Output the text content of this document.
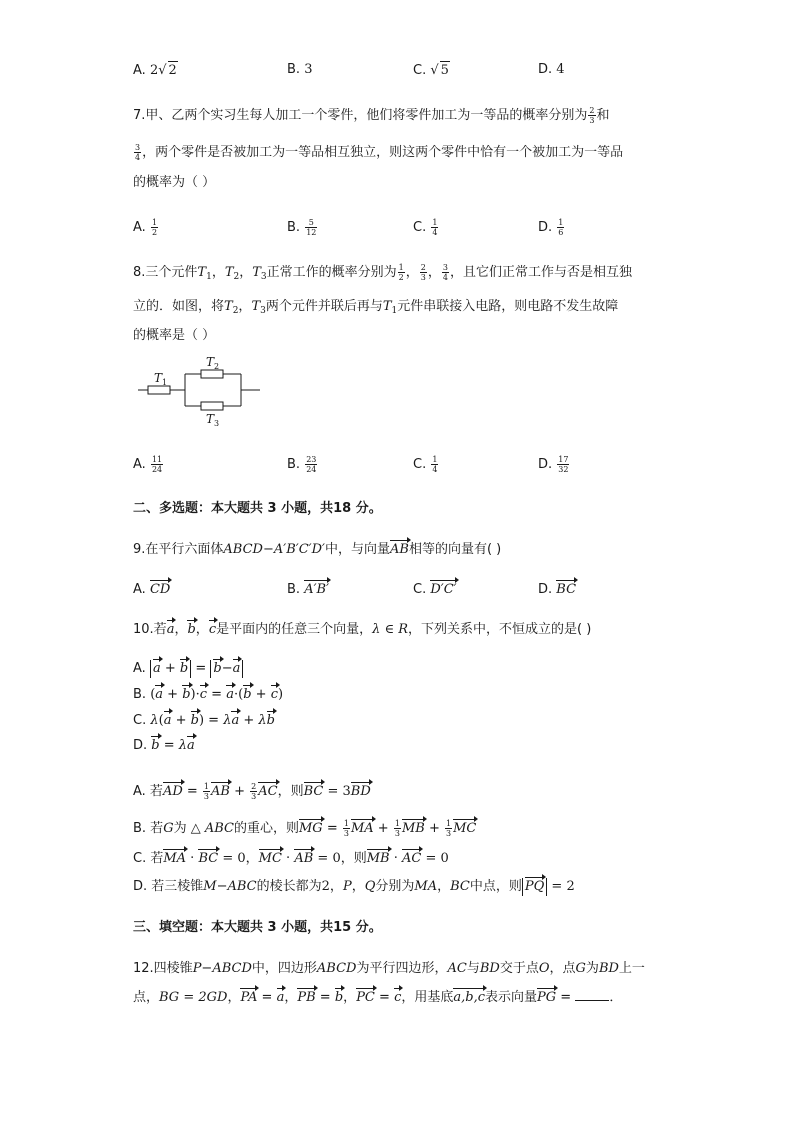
A. 2√ 2	B. 3	C. √ 5	D. 4
7.甲、乙两个实习生每人加工一个零件，他们将零件加工为一等品的概率分别为 $\frac{2}{3}$ 和
$\frac{3}{4}$ ，两个零件是否被加工为一等品相互独立，则这两个零件中恰有一个被加工为一等品
的概率为（ ）
A. $\frac{1}{2}$	B. $\frac{5}{12}$	C. $\frac{1}{4}$	D. $\frac{1}{6}$
8.三个元件$T_1$，$T_2$，$T_3$正常工作的概率分别为 $\frac{1}{2}$ ， $\frac{2}{3}$ ， $\frac{3}{4}$ ，且它们正常工作与否是相互独
立的．如图，将$T_2$，$T_3$两个元件并联后再与$T_1$元件串联接入电路，则电路不发生故障
的概率是（ ）
T 1
T 2
T 3
A. $\frac{11}{24}$	B. $\frac{23}{24}$	C. $\frac{1}{4}$	D. $\frac{17}{32}$
二、多选题：本大题共 3 小题，共18 分。
9.在平行六面体ABCD−A′B′C′D′中，与向量AB相等的向量有( )
A. CD	B. A′B′	C. D′C′	D. BC
10.若a，b，c是平面内的任意三个向量，λ ∈ R，下列关系中，不恒成立的是( )
A. a + b = b−a
B. (a + b)·c = a·(b + c)
C. λ(a + b) = λa + λb
D. b = λa
A. 若AD = $\frac{1}{3}$ AB + $\frac{2}{3}$ AC，则BC = 3BD
B. 若G为 △ ABC的重心，则MG = $\frac{1}{3}$ MA + $\frac{1}{3}$ MB + $\frac{1}{3}$ MC
C. 若MA · BC = 0，MC · AB = 0，则MB · AC = 0
D. 若三棱锥M−ABC的棱长都为2，P，Q分别为MA，BC中点，则 PQ = 2
三、填空题：本大题共 3 小题，共15 分。
12.四棱锥P−ABCD中，四边形ABCD为平行四边形，AC与BD交于点O，点G为BD上一
点，BG = 2GD，PA = a，PB = b，PC = c，用基底a,b,c表示向量PG =	．
